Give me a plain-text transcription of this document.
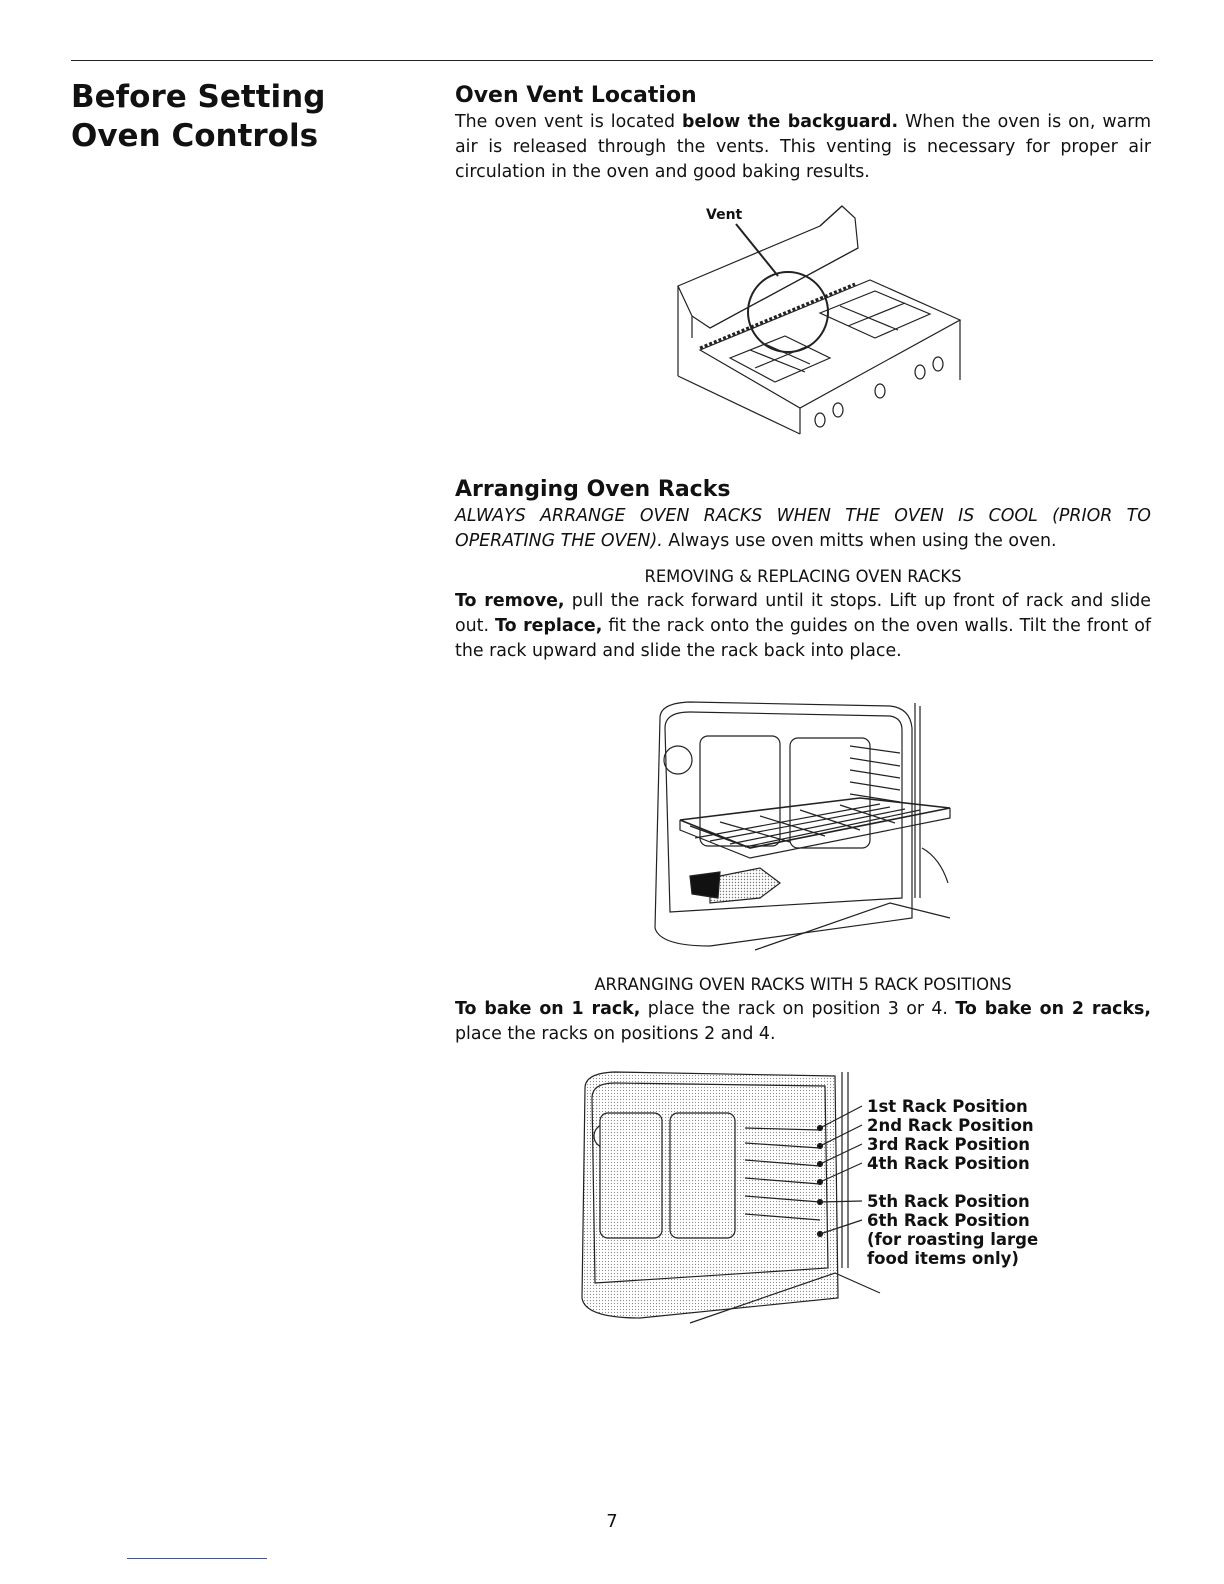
Before Setting Oven Controls
Oven Vent Location

The oven vent is located below the backguard. When the oven is on, warm air is released through the vents. This venting is necessary for proper air circulation in the oven and good baking results.

Vent
Arranging Oven Racks

ALWAYS ARRANGE OVEN RACKS WHEN THE OVEN IS COOL (PRIOR TO OPERATING THE OVEN). Always use oven mitts when using the oven.

REMOVING & REPLACING OVEN RACKS

To remove, pull the rack forward until it stops. Lift up front of rack and slide out. To replace, fit the rack onto the guides on the oven walls. Tilt the front of the rack upward and slide the rack back into place.

ARRANGING OVEN RACKS WITH 5 RACK POSITIONS

To bake on 1 rack, place the rack on position 3 or 4. To bake on 2 racks, place the racks on positions 2 and 4.

1st Rack Position
2nd Rack Position
3rd Rack Position
4th Rack Position
5th Rack Position
6th Rack Position
(for roasting large
food items only)
7
